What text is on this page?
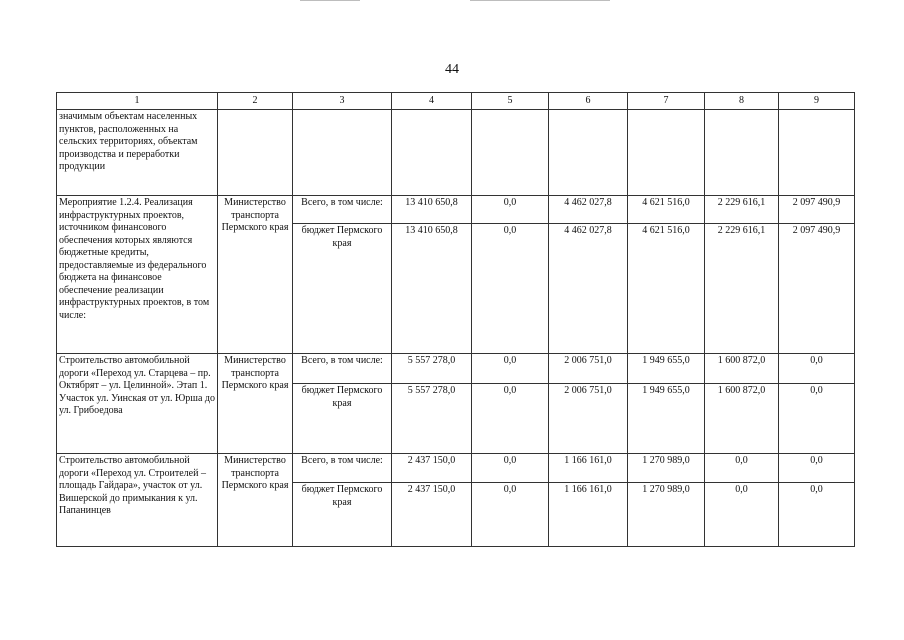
44
1	2	3	4	5	6	7	8	9
значимым объектам населенных пунктов, расположенных на сельских территориях, объектам производства и переработки продукции								
Мероприятие 1.2.4. Реализация инфраструктурных проектов, источником финансового обеспечения которых являются бюджетные кредиты, предоставляемые из федерального бюджета на финансовое обеспечение реализации инфраструктурных проектов, в том числе:	Министерство транспорта Пермского края	Всего, в том числе:	13 410 650,8	0,0	4 462 027,8	4 621 516,0	2 229 616,1	2 097 490,9
		бюджет Пермского края	13 410 650,8	0,0	4 462 027,8	4 621 516,0	2 229 616,1	2 097 490,9
Строительство автомобильной дороги «Переход ул. Старцева – пр. Октябрят – ул. Целинной». Этап 1. Участок ул. Уинская от ул. Юрша до ул. Грибоедова	Министерство транспорта Пермского края	Всего, в том числе:	5 557 278,0	0,0	2 006 751,0	1 949 655,0	1 600 872,0	0,0
		бюджет Пермского края	5 557 278,0	0,0	2 006 751,0	1 949 655,0	1 600 872,0	0,0
Строительство автомобильной дороги «Переход ул. Строителей – площадь Гайдара», участок от ул. Вишерской до примыкания к ул. Папанинцев	Министерство транспорта Пермского края	Всего, в том числе:	2 437 150,0	0,0	1 166 161,0	1 270 989,0	0,0	0,0
		бюджет Пермского края	2 437 150,0	0,0	1 166 161,0	1 270 989,0	0,0	0,0
